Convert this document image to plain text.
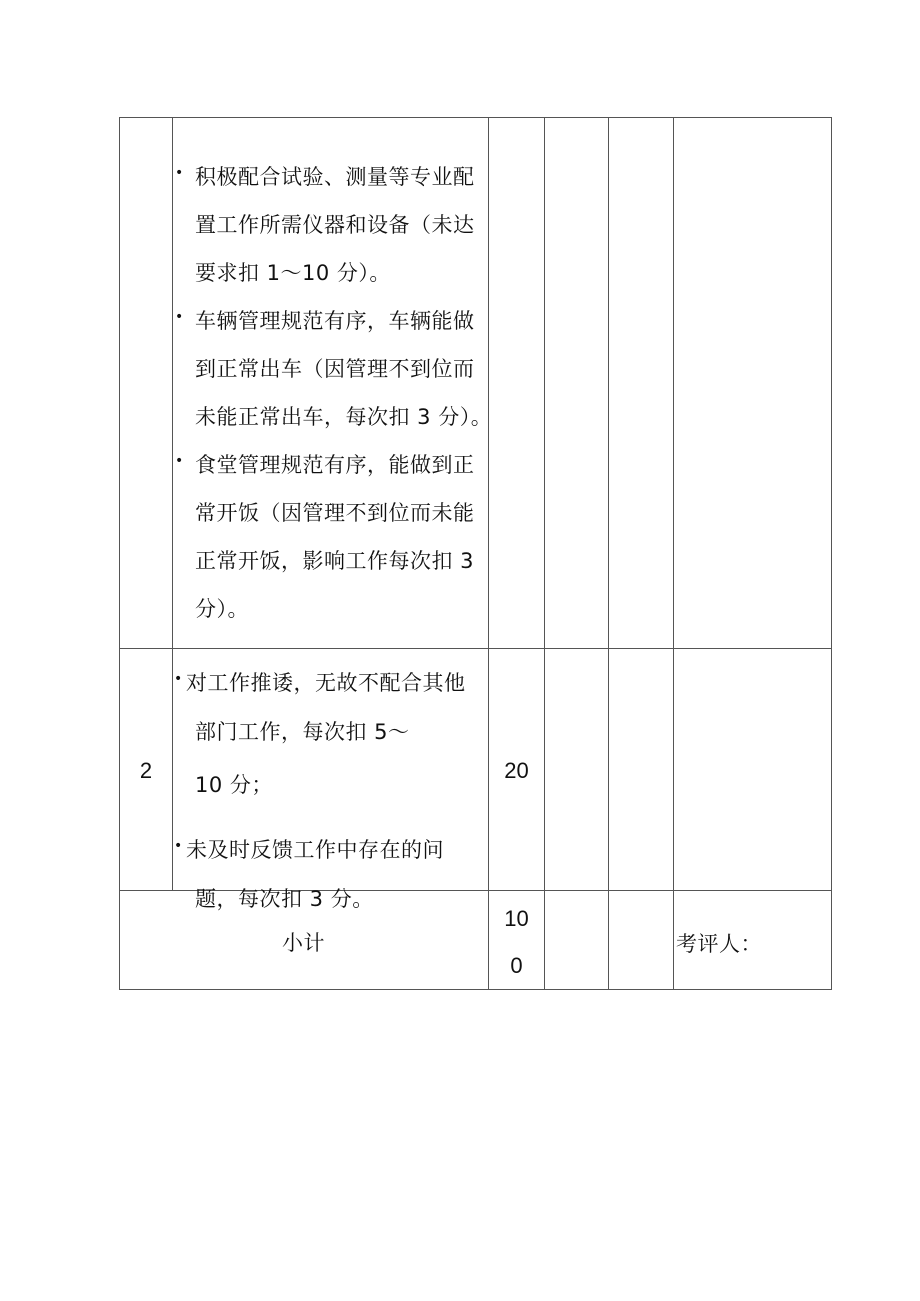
• 积极配合试验、测量等专业配
置工作所需仪器和设备（未达
要求扣 1～10 分）。
• 车辆管理规范有序，车辆能做
到正常出车（因管理不到位而
未能正常出车，每次扣 3 分）。
• 食堂管理规范有序，能做到正
常开饭（因管理不到位而未能
正常开饭，影响工作每次扣 3
分）。
2	20
• 对工作推诿，无故不配合其他
部门工作，每次扣 5～
10 分；
• 未及时反馈工作中存在的问
题，每次扣 3 分。
小计
10
0
考评人：
